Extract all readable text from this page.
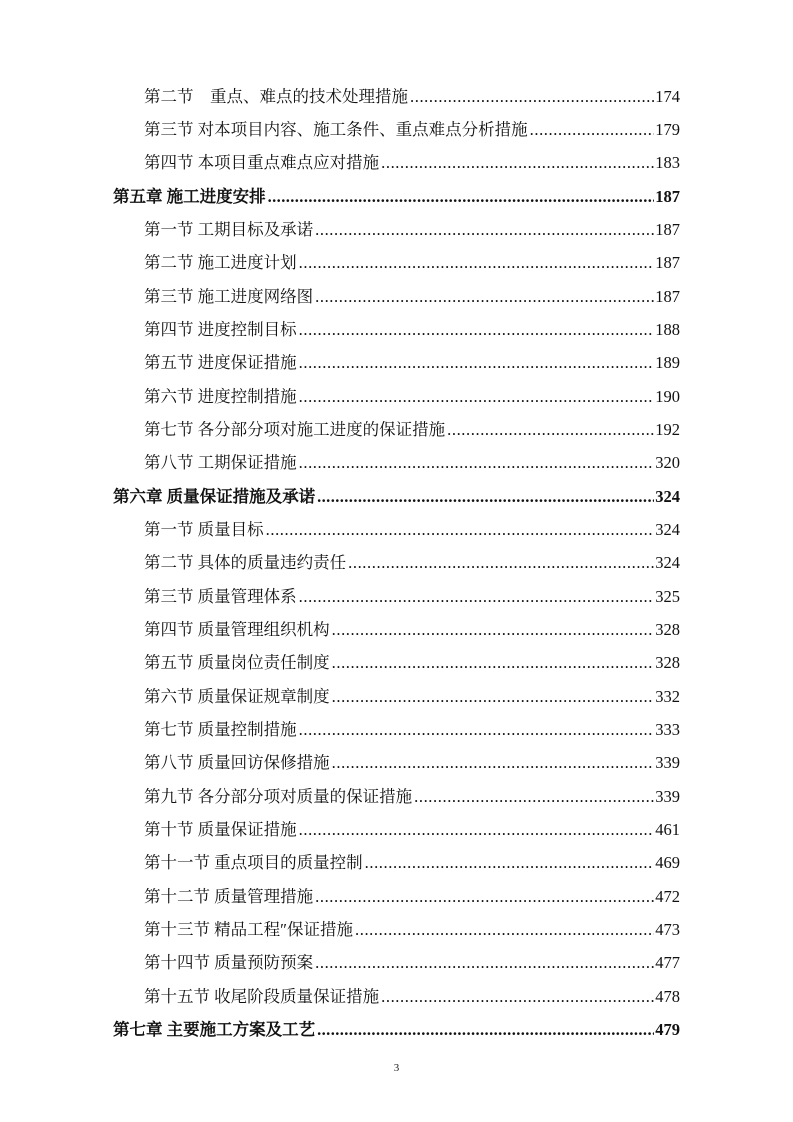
第二节　重点、难点的技术处理措施 .....	174
第三节 对本项目内容、施工条件、重点难点分析措施 .....	179
第四节 本项目重点难点应对措施 .....	183
第五章 施工进度安排 .....	187
第一节 工期目标及承诺 .....	187
第二节 施工进度计划 .....	187
第三节 施工进度网络图 .....	187
第四节 进度控制目标 .....	188
第五节 进度保证措施 .....	189
第六节 进度控制措施 .....	190
第七节 各分部分项对施工进度的保证措施 .....	192
第八节 工期保证措施 .....	320
第六章 质量保证措施及承诺 .....	324
第一节 质量目标 .....	324
第二节 具体的质量违约责任 .....	324
第三节 质量管理体系 .....	325
第四节 质量管理组织机构 .....	328
第五节 质量岗位责任制度 .....	328
第六节 质量保证规章制度 .....	332
第七节 质量控制措施 .....	333
第八节 质量回访保修措施 .....	339
第九节 各分部分项对质量的保证措施 .....	339
第十节 质量保证措施 .....	461
第十一节 重点项目的质量控制 .....	469
第十二节 质量管理措施 .....	472
第十三节 精品工程″保证措施 .....	473
第十四节 质量预防预案 .....	477
第十五节 收尾阶段质量保证措施 .....	478
第七章 主要施工方案及工艺 .....	479
3
